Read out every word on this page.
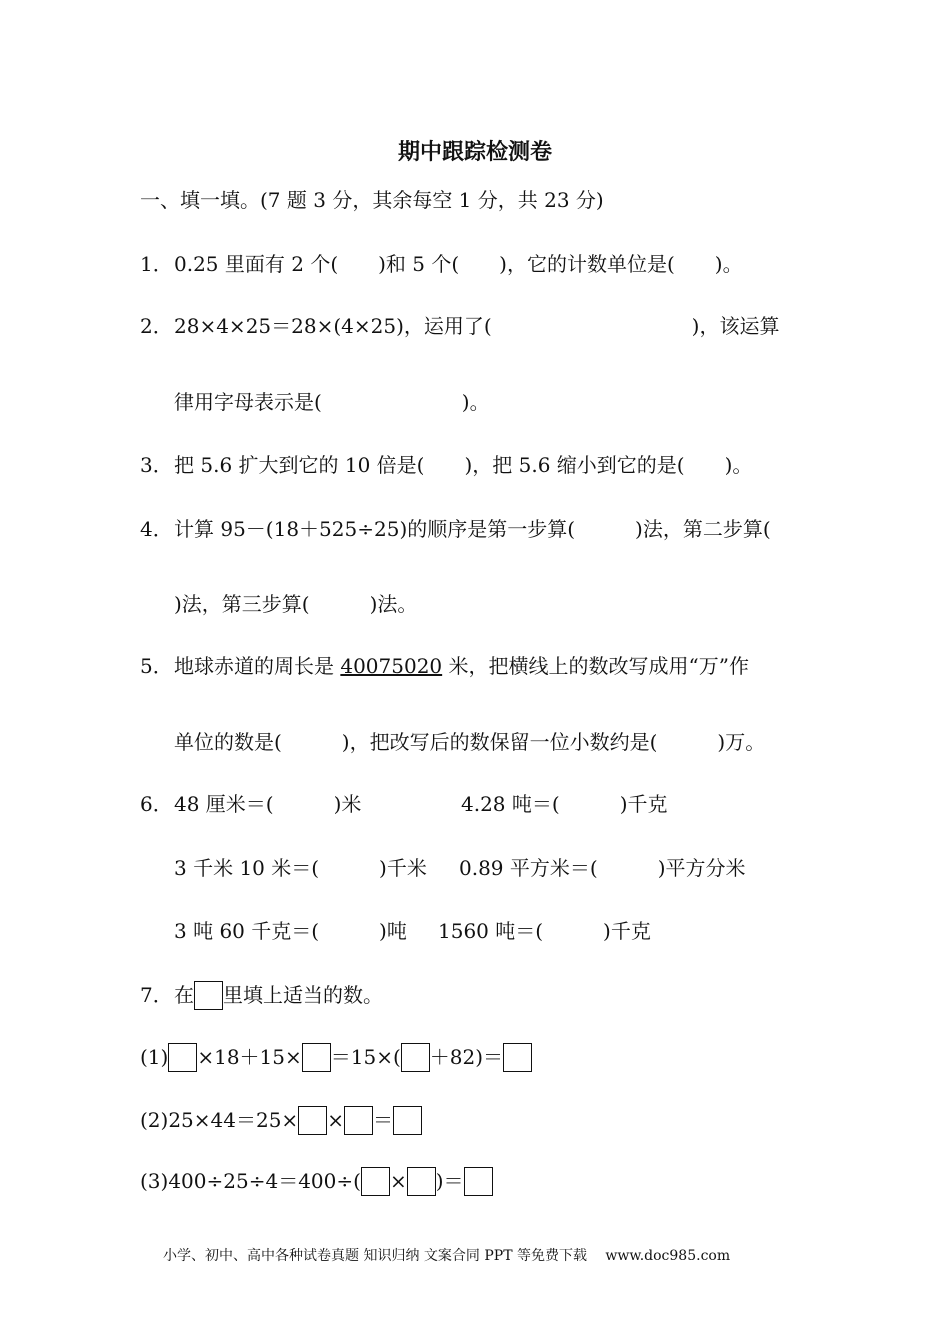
期中跟踪检测卷
一、填一填。(7 题 3 分，其余每空 1 分，共 23 分)
1．0.25 里面有 2 个(　　)和 5 个(　　)，它的计数单位是(　　)。
2．28×4×25＝28×(4×25)，运用了(　　　　　　　　　　)，该运算
律用字母表示是(　　　　　　　)。
3．把 5.6 扩大到它的 10 倍是(　　)，把 5.6 缩小到它的是(　　)。
4．计算 95－(18＋525÷25)的顺序是第一步算(　　　)法，第二步算(
)法，第三步算(　　　)法。
5．地球赤道的周长是 40075020 米，把横线上的数改写成用“万”作
单位的数是(　　　)，把改写后的数保留一位小数约是(　　　)万。
6．48 厘米＝(　　　)米	4.28 吨＝(　　　)千克
3 千米 10 米＝(　　　)千米 0.89 平方米＝(　　　)平方分米
3 吨 60 千克＝(　　　)吨 1560 吨＝(　　　)千克
7．在 里填上适当的数。
(1) ×18＋15× ＝15×( ＋82)＝
(2)25×44＝25× × ＝
(3)400÷25÷4＝400÷( × )＝
小学、初中、高中各种试卷真题 知识归纳 文案合同 PPT 等免费下载　 www.doc985.com
